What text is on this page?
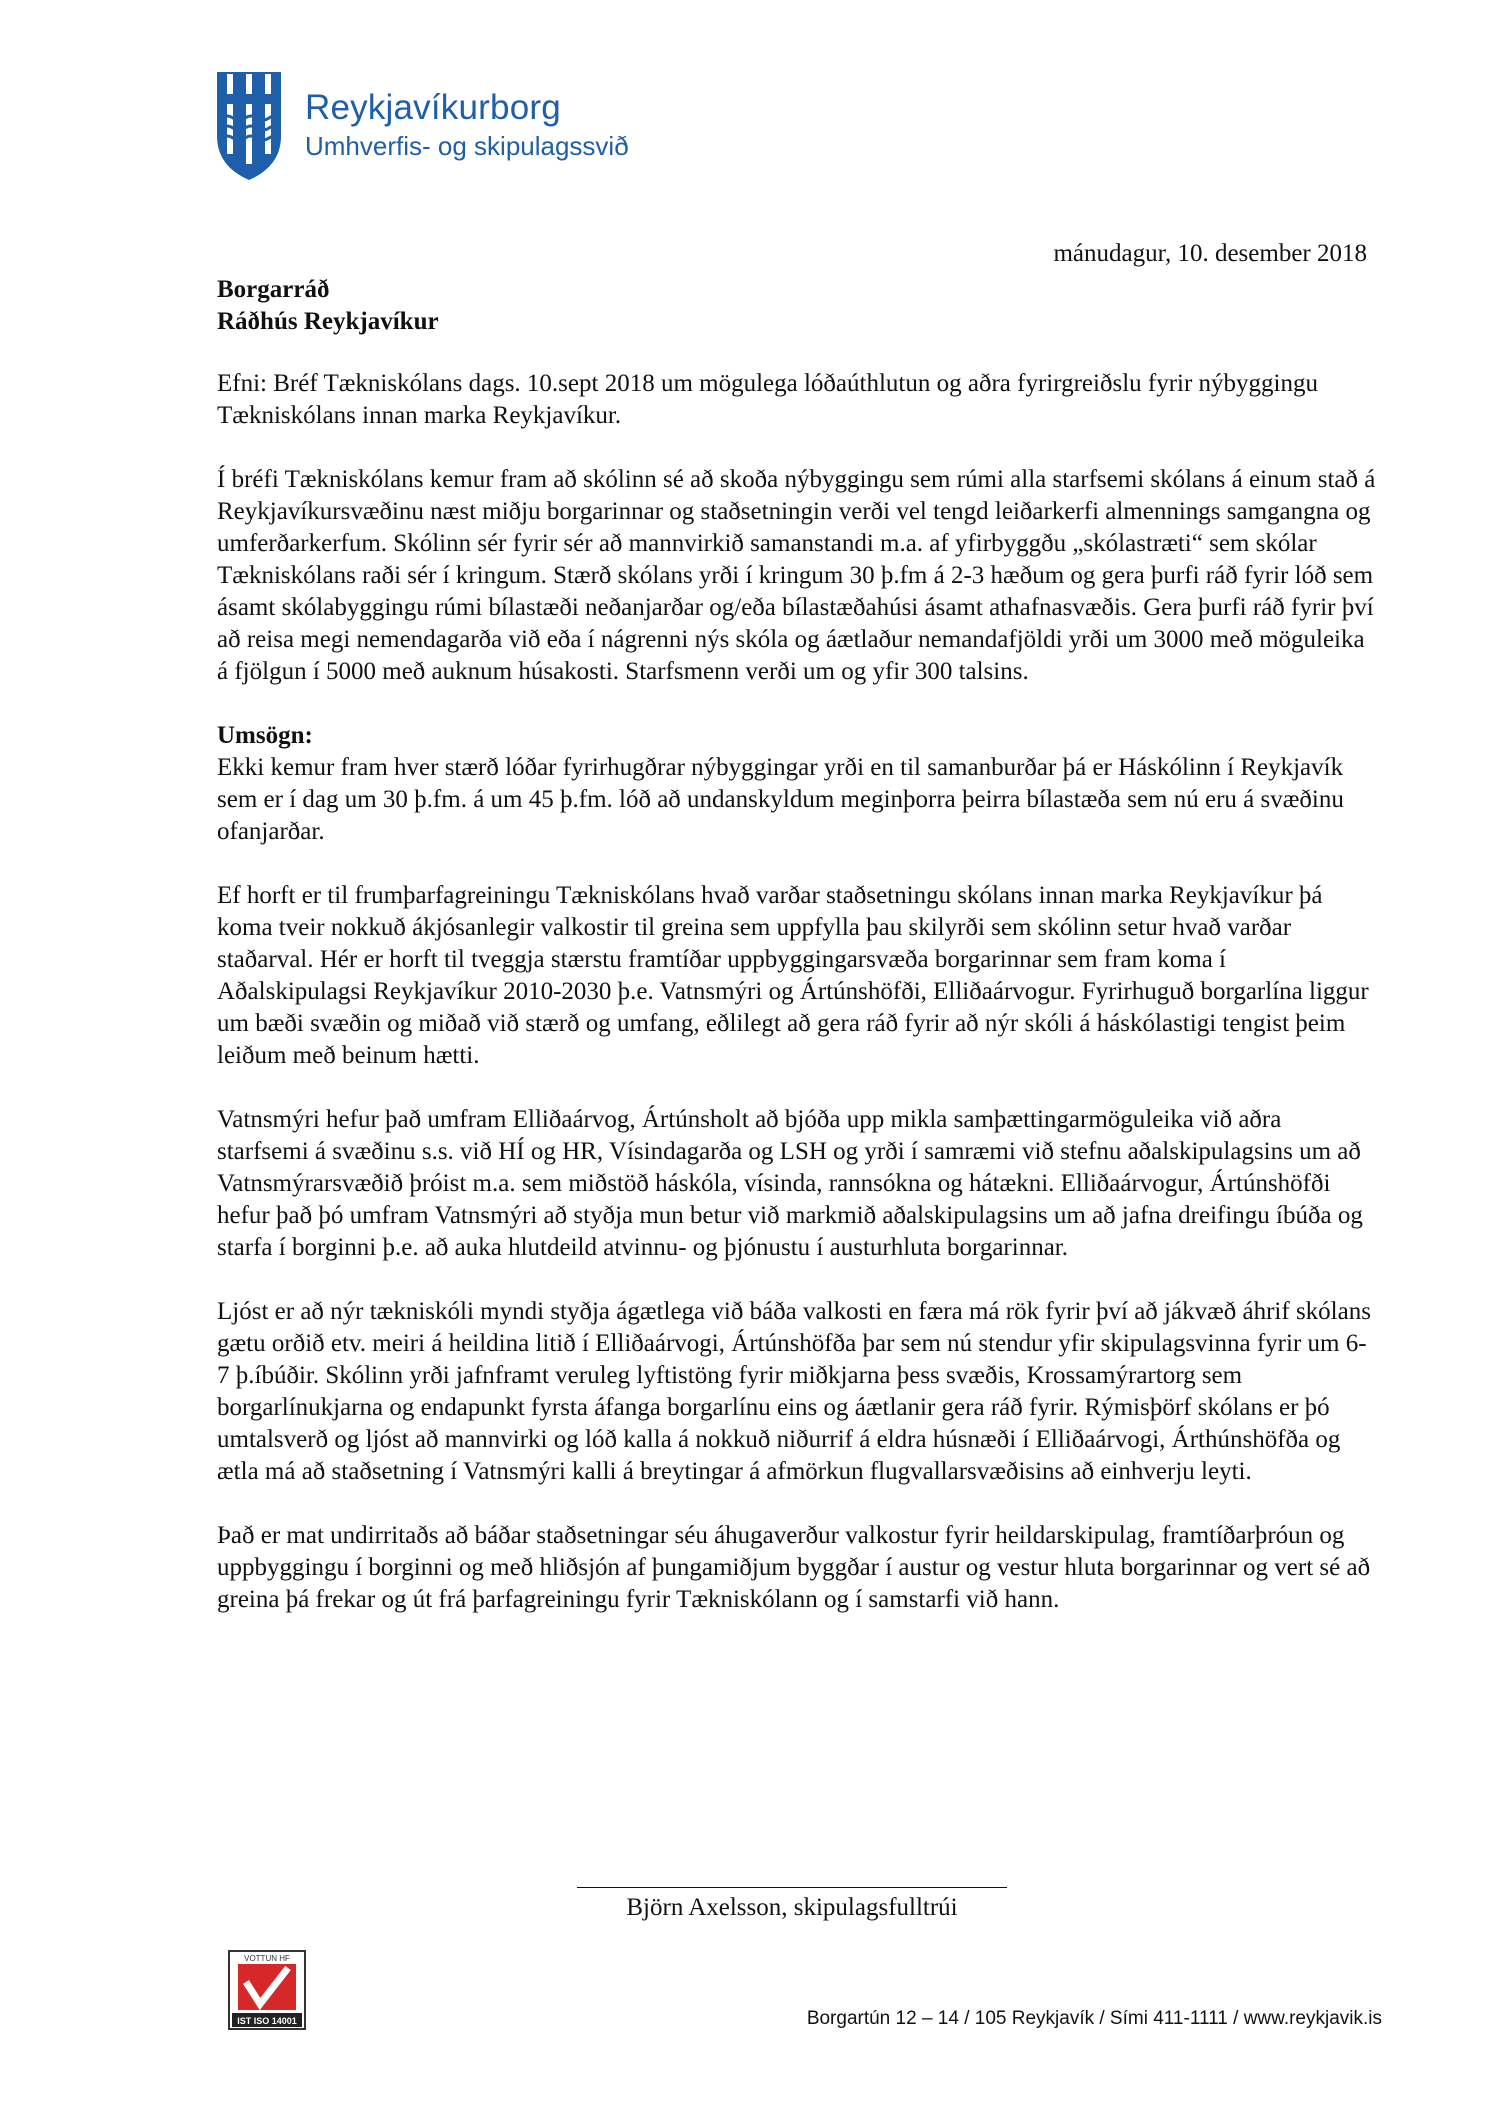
Reykjavíkurborg
Umhverfis- og skipulagssvið
mánudagur, 10. desember 2018
Borgarráð
Ráðhús Reykjavíkur

Efni: Bréf Tækniskólans dags. 10.sept 2018 um mögulega lóðaúthlutun og aðra fyrirgreiðslu fyrir nýbyggingu Tækniskólans innan marka Reykjavíkur.

Í bréfi Tækniskólans kemur fram að skólinn sé að skoða nýbyggingu sem rúmi alla starfsemi skólans á einum stað á Reykjavíkursvæðinu næst miðju borgarinnar og staðsetningin verði vel tengd leiðarkerfi almennings samgangna og umferðarkerfum. Skólinn sér fyrir sér að mannvirkið samanstandi m.a. af yfirbyggðu „skólastræti“ sem skólar Tækniskólans raði sér í kringum. Stærð skólans yrði í kringum 30 þ.fm á 2-3 hæðum og gera þurfi ráð fyrir lóð sem ásamt skólabyggingu rúmi bílastæði neðanjarðar og/eða bílastæðahúsi ásamt athafnasvæðis. Gera þurfi ráð fyrir því að reisa megi nemendagarða við eða í nágrenni nýs skóla og áætlaður nemandafjöldi yrði um 3000 með möguleika á fjölgun í 5000 með auknum húsakosti. Starfsmenn verði um og yfir 300 talsins.

Umsögn:
Ekki kemur fram hver stærð lóðar fyrirhugðrar nýbyggingar yrði en til samanburðar þá er Háskólinn í Reykjavík sem er í dag um 30 þ.fm. á um 45 þ.fm. lóð að undanskyldum meginþorra þeirra bílastæða sem nú eru á svæðinu ofanjarðar.

Ef horft er til frumþarfagreiningu Tækniskólans hvað varðar staðsetningu skólans innan marka Reykjavíkur þá koma tveir nokkuð ákjósanlegir valkostir til greina sem uppfylla þau skilyrði sem skólinn setur hvað varðar staðarval. Hér er horft til tveggja stærstu framtíðar uppbyggingarsvæða borgarinnar sem fram koma í Aðalskipulagsi Reykjavíkur 2010-2030 þ.e. Vatnsmýri og Ártúnshöfði, Elliðaárvogur. Fyrirhuguð borgarlína liggur um bæði svæðin og miðað við stærð og umfang, eðlilegt að gera ráð fyrir að nýr skóli á háskólastigi tengist þeim leiðum með beinum hætti.

Vatnsmýri hefur það umfram Elliðaárvog, Ártúnsholt að bjóða upp mikla samþættingarmöguleika við aðra starfsemi á svæðinu s.s. við HÍ og HR, Vísindagarða og LSH og yrði í samræmi við stefnu aðalskipulagsins um að Vatnsmýrarsvæðið þróist m.a. sem miðstöð háskóla, vísinda, rannsókna og hátækni. Elliðaárvogur, Ártúnshöfði hefur það þó umfram Vatnsmýri að styðja mun betur við markmið aðalskipulagsins um að jafna dreifingu íbúða og starfa í borginni þ.e. að auka hlutdeild atvinnu- og þjónustu í austurhluta borgarinnar.

Ljóst er að nýr tækniskóli myndi styðja ágætlega við báða valkosti en færa má rök fyrir því að jákvæð áhrif skólans gætu orðið etv. meiri á heildina litið í Elliðaárvogi, Ártúnshöfða þar sem nú stendur yfir skipulagsvinna fyrir um 6-7 þ.íbúðir. Skólinn yrði jafnframt veruleg lyftistöng fyrir miðkjarna þess svæðis, Krossamýrartorg sem borgarlínukjarna og endapunkt fyrsta áfanga borgarlínu eins og áætlanir gera ráð fyrir. Rýmisþörf skólans er þó umtalsverð og ljóst að mannvirki og lóð kalla á nokkuð niðurrif á eldra húsnæði í Elliðaárvogi, Árthúnshöfða og ætla má að staðsetning í Vatnsmýri kalli á breytingar á afmörkun flugvallarsvæðisins að einhverju leyti.

Það er mat undirritaðs að báðar staðsetningar séu áhugaverður valkostur fyrir heildarskipulag, framtíðarþróun og uppbyggingu í borginni og með hliðsjón af þungamiðjum byggðar í austur og vestur hluta borgarinnar og vert sé að greina þá frekar og út frá þarfagreiningu fyrir Tækniskólann og í samstarfi við hann.

Björn Axelsson, skipulagsfulltrúi
VOTTUN HF
IST ISO 14001	Borgartún 12 – 14 / 105 Reykjavík / Sími 411-1111 / www.reykjavik.is
